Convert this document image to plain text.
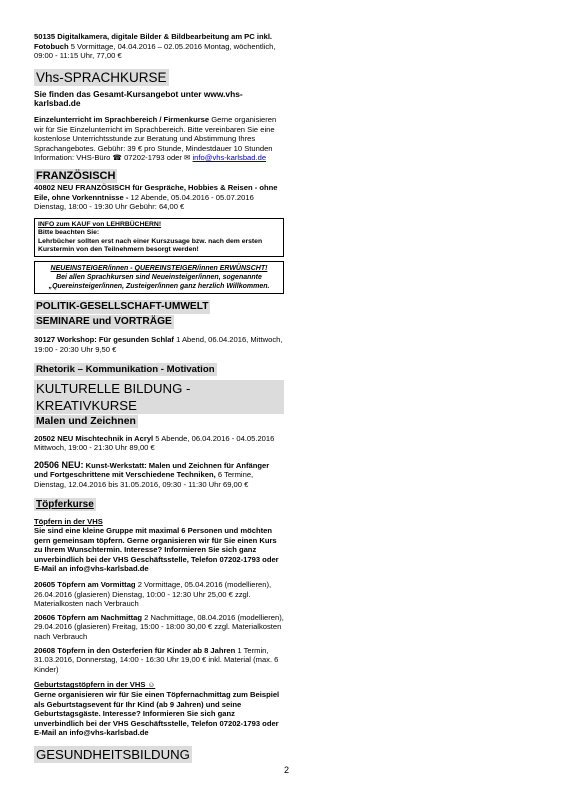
50135 Digitalkamera, digitale Bilder & Bildbearbeitung am PC inkl. Fotobuch 5 Vormittage, 04.04.2016 – 02.05.2016 Montag, wöchentlich, 09:00 - 11:15 Uhr, 77,00 €

Vhs-SPRACHKURSE

Sie finden das Gesamt-Kursangebot unter www.vhs-karlsbad.de

Einzelunterricht im Sprachbereich / Firmenkurse Gerne organisieren wir für Sie Einzelunterricht im Sprachbereich. Bitte vereinbaren Sie eine kostenlose Unterrichtsstunde zur Beratung und Abstimmung Ihres Sprachangebotes. Gebühr: 39 € pro Stunde, Mindestdauer 10 Stunden
Information: VHS-Büro ☎ 07202-1793 oder ✉ info@vhs-karlsbad.de

FRANZÖSISCH

40802 NEU FRANZÖSISCH für Gespräche, Hobbies & Reisen - ohne Eile, ohne Vorkenntnisse - 12 Abende, 05.04.2016 - 05.07.2016 Dienstag, 18:00 - 19:30 Uhr Gebühr: 64,00 €

INFO zum KAUF von LEHRBÜCHERN!

Bitte beachten Sie:

Lehrbücher sollten erst nach einer Kurszusage bzw. nach dem ersten Kurstermin von den Teilnehmern besorgt werden!

NEUEINSTEIGER/innen - QUEREINSTEIGER/innen ERWÜNSCHT!

Bei allen Sprachkursen sind Neueinsteiger/innen, sogenannte „Quereinsteiger/innen, Zusteiger/innen ganz herzlich Willkommen.

POLITIK-GESELLSCHAFT-UMWELT

SEMINARE und VORTRÄGE

30127 Workshop: Für gesunden Schlaf 1 Abend, 06.04.2016, Mittwoch, 19:00 - 20:30 Uhr 9,50 €

Rhetorik – Kommunikation - Motivation

KULTURELLE BILDUNG - KREATIVKURSE

Malen und Zeichnen

20502 NEU Mischtechnik in Acryl 5 Abende, 06.04.2016 - 04.05.2016 Mittwoch, 19:00 - 21:30 Uhr 89,00 €

20506 NEU: Kunst-Werkstatt: Malen und Zeichnen für Anfänger und Fortgeschrittene mit Verschiedene Techniken, 6 Termine, Dienstag, 12.04.2016 bis 31.05.2016, 09:30 - 11:30 Uhr 69,00 €

Töpferkurse

Töpfern in der VHS

Sie sind eine kleine Gruppe mit maximal 6 Personen und möchten gern gemeinsam töpfern. Gerne organisieren wir für Sie einen Kurs zu Ihrem Wunschtermin. Interesse? Informieren Sie sich ganz unverbindlich bei der VHS Geschäftsstelle, Telefon 07202-1793 oder E-Mail an info@vhs-karlsbad.de

20605 Töpfern am Vormittag 2 Vormittage, 05.04.2016 (modellieren), 26.04.2016 (glasieren) Dienstag, 10:00 - 12:30 Uhr 25,00 € zzgl. Materialkosten nach Verbrauch

20606 Töpfern am Nachmittag 2 Nachmittage, 08.04.2016 (modellieren), 29.04.2016 (glasieren) Freitag, 15:00 - 18:00 30,00 € zzgl. Materialkosten nach Verbrauch

20608 Töpfern in den Osterferien für Kinder ab 8 Jahren 1 Termin, 31.03.2016, Donnerstag, 14:00 - 16:30 Uhr 19,00 € inkl. Material (max. 6 Kinder)

Geburtstagstöpfern in der VHS ☺

Gerne organisieren wir für Sie einen Töpfernachmittag zum Beispiel als Geburtstagsevent für Ihr Kind (ab 9 Jahren) und seine Geburtstagsgäste. Interesse? Informieren Sie sich ganz unverbindlich bei der VHS Geschäftsstelle, Telefon 07202-1793 oder E-Mail an info@vhs-karlsbad.de

GESUNDHEITSBILDUNG

2
